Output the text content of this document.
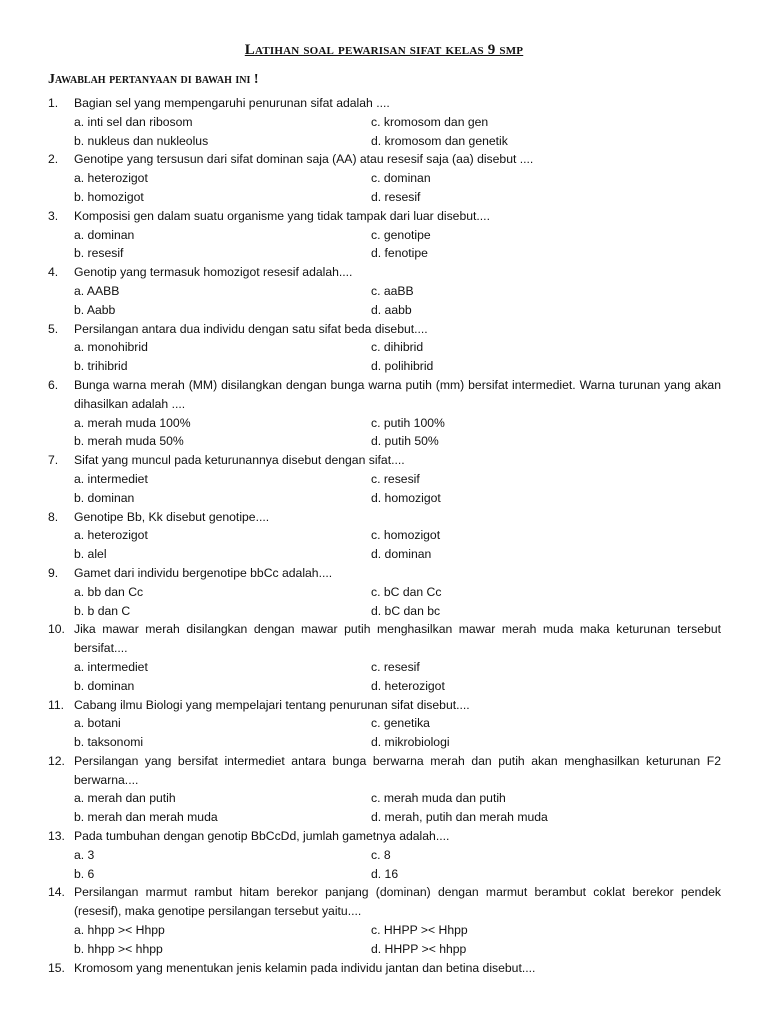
Latihan soal pewarisan sifat kelas 9 smp
Jawablah pertanyaan di bawah ini !
1. Bagian sel yang mempengaruhi penurunan sifat adalah ....
a. inti sel dan ribosom
b. nukleus dan nukleolus
c. kromosom dan gen
d. kromosom dan genetik
2. Genotipe yang tersusun dari sifat dominan saja (AA) atau resesif saja (aa) disebut ....
a. heterozigot
b. homozigot
c. dominan
d. resesif
3. Komposisi gen dalam suatu organisme yang tidak tampak dari luar disebut....
a. dominan
b. resesif
c. genotipe
d. fenotipe
4. Genotip yang termasuk homozigot resesif adalah....
a. AABB
b. Aabb
c. aaBB
d. aabb
5. Persilangan antara dua individu dengan satu sifat beda disebut....
a. monohibrid
b. trihibrid
c. dihibrid
d. polihibrid
6. Bunga warna merah (MM) disilangkan dengan bunga warna putih (mm) bersifat intermediet. Warna turunan yang akan dihasilkan adalah ....
a. merah muda 100%
b. merah muda 50%
c. putih 100%
d. putih 50%
7. Sifat yang muncul pada keturunannya disebut dengan sifat....
a. intermediet
b. dominan
c. resesif
d. homozigot
8. Genotipe Bb, Kk disebut genotipe....
a. heterozigot
b. alel
c. homozigot
d. dominan
9. Gamet dari individu bergenotipe bbCc adalah....
a. bb dan Cc
b. b dan C
c. bC dan Cc
d. bC dan bc
10. Jika mawar merah disilangkan dengan mawar putih menghasilkan mawar merah muda maka keturunan tersebut bersifat....
a. intermediet
b. dominan
c. resesif
d. heterozigot
11. Cabang ilmu Biologi yang mempelajari tentang penurunan sifat disebut....
a. botani
b. taksonomi
c. genetika
d. mikrobiologi
12. Persilangan yang bersifat intermediet antara bunga berwarna merah dan putih akan menghasilkan keturunan F2 berwarna....
a. merah dan putih
b. merah dan merah muda
c. merah muda dan putih
d. merah, putih dan merah muda
13. Pada tumbuhan dengan genotip BbCcDd, jumlah gametnya adalah....
a. 3
b. 6
c. 8
d. 16
14. Persilangan marmut rambut hitam berekor panjang (dominan) dengan marmut berambut coklat berekor pendek (resesif), maka genotipe persilangan tersebut yaitu....
a. hhpp >< Hhpp
b. hhpp >< hhpp
c. HHPP >< Hhpp
d. HHPP >< hhpp
15. Kromosom yang menentukan jenis kelamin pada individu jantan dan betina disebut....
